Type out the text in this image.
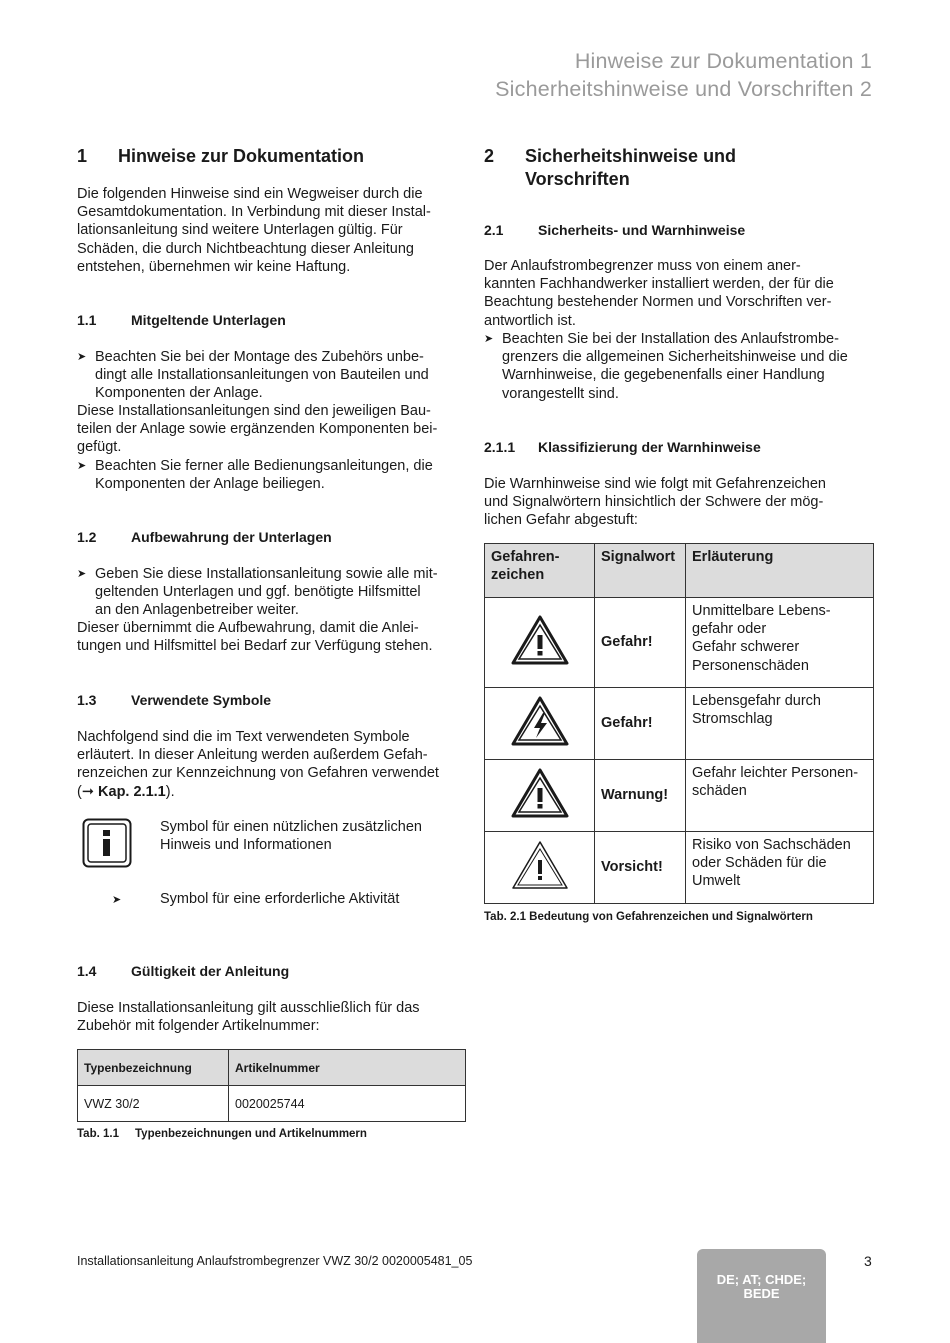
Hinweise zur Dokumentation 1
Sicherheitshinweise und Vorschriften 2
1 Hinweise zur Dokumentation
Die folgenden Hinweise sind ein Wegweiser durch die
Gesamtdokumentation. In Verbindung mit dieser Instal-
lationsanleitung sind weitere Unterlagen gültig. Für
Schäden, die durch Nichtbeachtung dieser Anleitung
entstehen, übernehmen wir keine Haftung.
1.1 Mitgeltende Unterlagen
➤ Beachten Sie bei der Montage des Zubehörs unbe-
dingt alle Installationsanleitungen von Bauteilen und
Komponenten der Anlage.
Diese Installationsanleitungen sind den jeweiligen Bau-
teilen der Anlage sowie ergänzenden Komponenten bei-
gefügt.
➤ Beachten Sie ferner alle Bedienungsanleitungen, die
Komponenten der Anlage beiliegen.
1.2 Aufbewahrung der Unterlagen
➤ Geben Sie diese Installationsanleitung sowie alle mit-
geltenden Unterlagen und ggf. benötigte Hilfsmittel
an den Anlagenbetreiber weiter.
Dieser übernimmt die Aufbewahrung, damit die Anlei-
tungen und Hilfsmittel bei Bedarf zur Verfügung stehen.
1.3 Verwendete Symbole
Nachfolgend sind die im Text verwendeten Symbole
erläutert. In dieser Anleitung werden außerdem Gefah-
renzeichen zur Kennzeichnung von Gefahren verwendet
(➞ Kap. 2.1.1).
Symbol für einen nützlichen zusätzlichen
Hinweis und Informationen
➤	Symbol für eine erforderliche Aktivität
1.4 Gültigkeit der Anleitung
Diese Installationsanleitung gilt ausschließlich für das
Zubehör mit folgender Artikelnummer:
Typenbezeichnung	Artikelnummer
VWZ 30/2	0020025744
Tab. 1.1 Typenbezeichnungen und Artikelnummern
2 Sicherheitshinweise und
Vorschriften
2.1 Sicherheits- und Warnhinweise
Der Anlaufstrombegrenzer muss von einem aner-
kannten Fachhandwerker installiert werden, der für die
Beachtung bestehender Normen und Vorschriften ver-
antwortlich ist.
➤ Beachten Sie bei der Installation des Anlaufstrombe-
grenzers die allgemeinen Sicherheitshinweise und die
Warnhinweise, die gegebenenfalls einer Handlung
vorangestellt sind.
2.1.1 Klassifizierung der Warnhinweise
Die Warnhinweise sind wie folgt mit Gefahrenzeichen
und Signalwörtern hinsichtlich der Schwere der mög-
lichen Gefahr abgestuft:
Gefahren-
zeichen	Signalwort	Erläuterung
	Gefahr!	Unmittelbare Lebens-
gefahr oder
Gefahr schwerer
Personenschäden

	Gefahr!	Lebensgefahr durch
Stromschlag

	Warnung!	Gefahr leichter Personen-
schäden

	Vorsicht!	Risiko von Sachschäden
oder Schäden für die
Umwelt
Tab. 2.1 Bedeutung von Gefahrenzeichen und Signalwörtern
Installationsanleitung Anlaufstrombegrenzer VWZ 30/2 0020005481_05	3
DE; AT; CHDE;
BEDE
